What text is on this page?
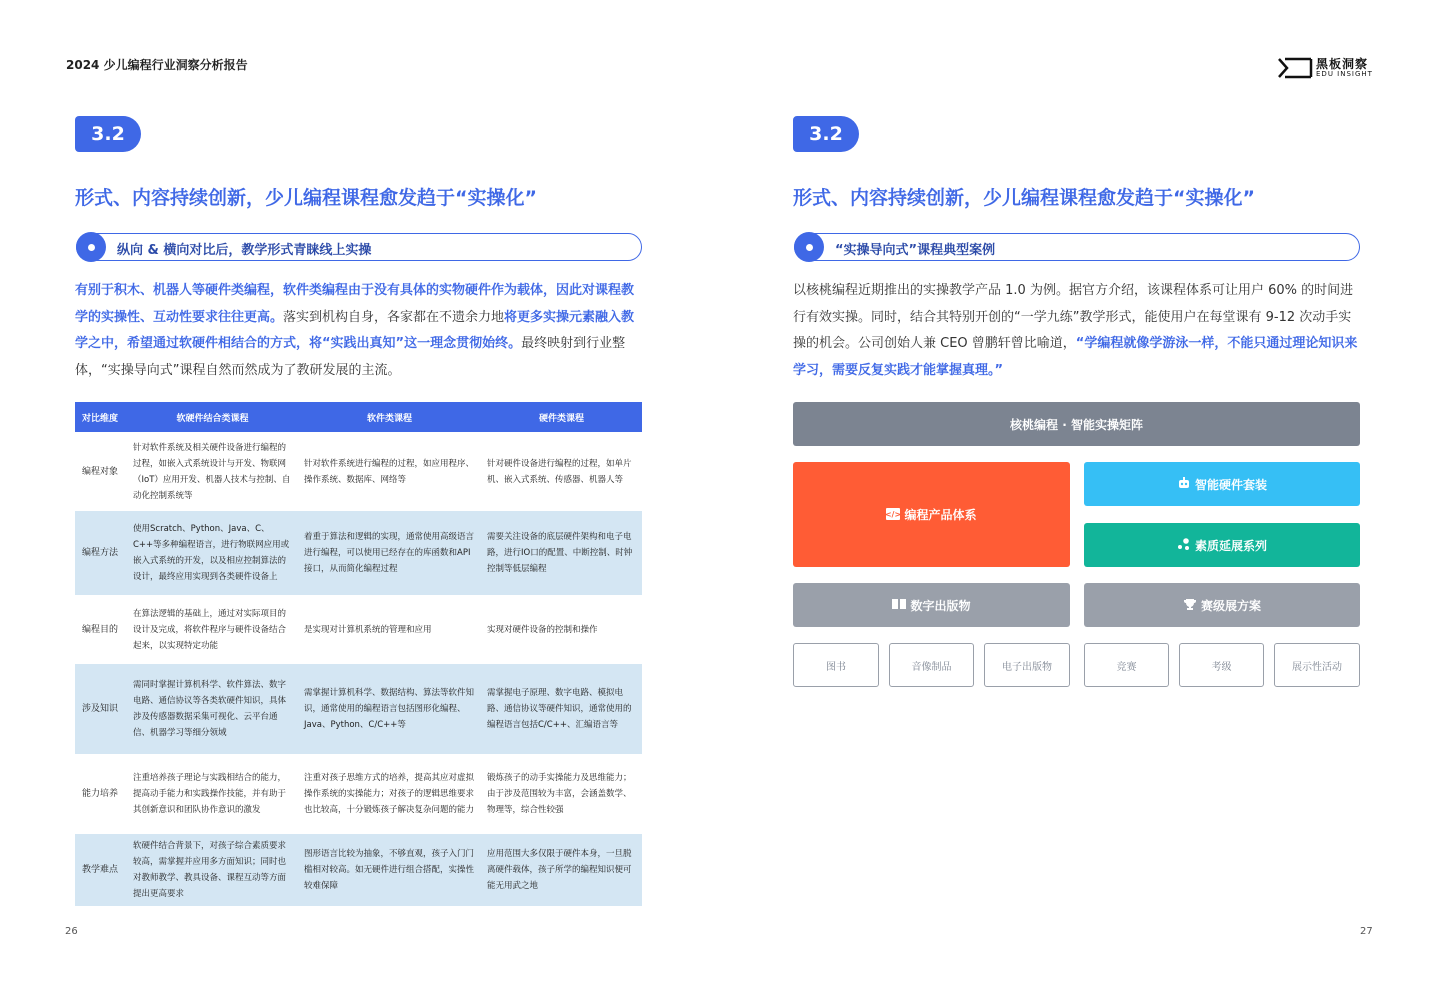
2024 少儿编程行业洞察分析报告	黑板洞察
EDU INSIGHT
3.2
形式、内容持续创新，少儿编程课程愈发趋于“实操化”
纵向 & 横向对比后，教学形式青睐线上实操
有别于积木、机器人等硬件类编程，软件类编程由于没有具体的实物硬件作为载体，因此对课程教学的实操性、互动性要求往往更高。落实到机构自身，各家都在不遗余力地将更多实操元素融入教学之中，希望通过软硬件相结合的方式，将“实践出真知”这一理念贯彻始终。最终映射到行业整体，“实操导向式”课程自然而然成为了教研发展的主流。
对比维度	软硬件结合类课程	软件类课程	硬件类课程
编程对象	针对软件系统及相关硬件设备进行编程的过程，如嵌入式系统设计与开发、物联网（IoT）应用开发、机器人技术与控制、自动化控制系统等	针对软件系统进行编程的过程，如应用程序、操作系统、数据库、网络等	针对硬件设备进行编程的过程，如单片机、嵌入式系统、传感器、机器人等
编程方法	使用Scratch、Python、Java、C、C++等多种编程语言，进行物联网应用或嵌入式系统的开发，以及相应控制算法的设计，最终应用实现到各类硬件设备上	着重于算法和逻辑的实现，通常使用高级语言进行编程，可以使用已经存在的库函数和API接口，从而简化编程过程	需要关注设备的底层硬件架构和电子电路，进行IO口的配置、中断控制、时钟控制等低层编程
编程目的	在算法逻辑的基础上，通过对实际项目的设计及完成，将软件程序与硬件设备结合起来，以实现特定功能	是实现对计算机系统的管理和应用	实现对硬件设备的控制和操作
涉及知识	需同时掌握计算机科学、软件算法、数字电路、通信协议等各类软硬件知识，具体涉及传感器数据采集可视化、云平台通信、机器学习等细分领域	需掌握计算机科学、数据结构、算法等软件知识，通常使用的编程语言包括图形化编程、Java、Python、C/C++等	需掌握电子原理、数字电路、模拟电路、通信协议等硬件知识，通常使用的编程语言包括C/C++、汇编语言等
能力培养	注重培养孩子理论与实践相结合的能力，提高动手能力和实践操作技能，并有助于其创新意识和团队协作意识的激发	注重对孩子思维方式的培养，提高其应对虚拟操作系统的实操能力；对孩子的逻辑思维要求也比较高，十分锻炼孩子解决复杂问题的能力	锻炼孩子的动手实操能力及思维能力；由于涉及范围较为丰富，会涵盖数学、物理等，综合性较强
教学难点	软硬件结合背景下，对孩子综合素质要求较高，需掌握并应用多方面知识；同时也对教师教学、教具设备、课程互动等方面提出更高要求	图形语言比较为抽象，不够直观，孩子入门门槛相对较高。如无硬件进行组合搭配，实操性较难保障	应用范围大多仅限于硬件本身，一旦脱离硬件载体，孩子所学的编程知识便可能无用武之地
26
3.2
形式、内容持续创新，少儿编程课程愈发趋于“实操化”
“实操导向式”课程典型案例
以核桃编程近期推出的实操教学产品 1.0 为例。据官方介绍，该课程体系可让用户 60% 的时间进行有效实操。同时，结合其特别开创的“一学九练”教学形式，能使用户在每堂课有 9-12 次动手实操的机会。公司创始人兼 CEO 曾鹏轩曾比喻道，“学编程就像学游泳一样，不能只通过理论知识来学习，需要反复实践才能掌握真理。”
核桃编程 · 智能实操矩阵
</> 编程产品体系
智能硬件套装
素质延展系列
数字出版物	赛级展方案
图书	音像制品	电子出版物	竞赛	考级	展示性活动
27
